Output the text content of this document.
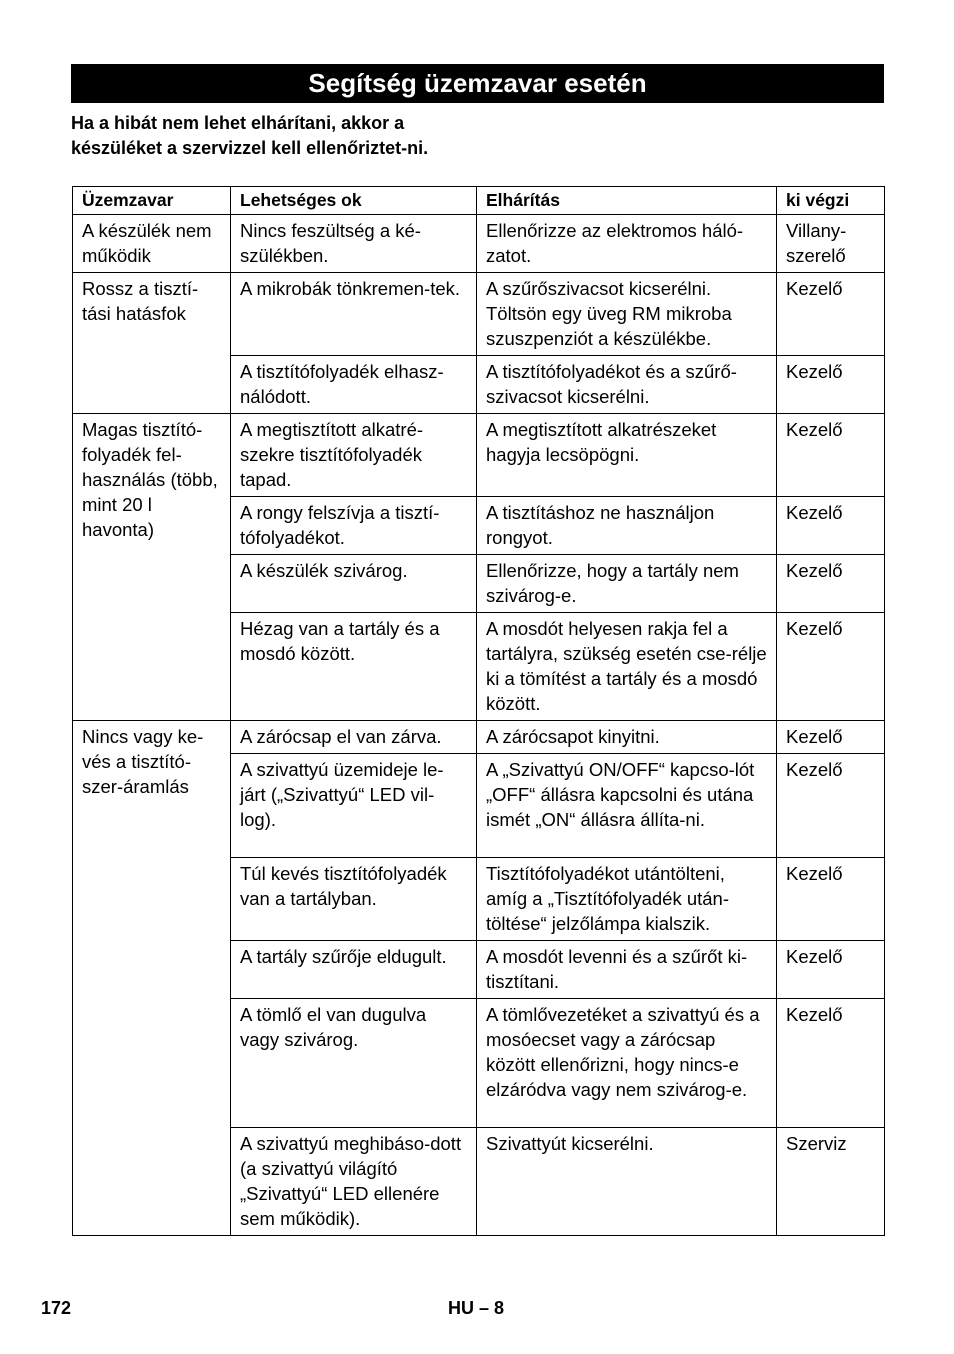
Segítség üzemzavar esetén
Ha a hibát nem lehet elhárítani, akkor a készüléket a szervizzel kell ellenőriztet-ni.
Üzemzavar	Lehetséges ok	Elhárítás	ki végzi
A készülék nem működik	Nincs feszültség a ké-szülékben.	Ellenőrizze az elektromos háló-zatot.	Villany-szerelő
Rossz a tisztí-tási hatásfok	A mikrobák tönkremen-tek.	A szűrőszivacsot kicserélni. Töltsön egy üveg RM mikroba szuszpenziót a készülékbe.	Kezelő
	A tisztítófolyadék elhasz-nálódott.	A tisztítófolyadékot és a szűrő-szivacsot kicserélni.	Kezelő
Magas tisztító-folyadék fel-használás (több, mint 20 l havonta)	A megtisztított alkatré-szekre tisztítófolyadék tapad.	A megtisztított alkatrészeket hagyja lecsöpögni.	Kezelő
	A rongy felszívja a tisztí-tófolyadékot.	A tisztításhoz ne használjon rongyot.	Kezelő
	A készülék szivárog.	Ellenőrizze, hogy a tartály nem szivárog-e.	Kezelő
	Hézag van a tartály és a mosdó között.	A mosdót helyesen rakja fel a tartályra, szükség esetén cse-rélje ki a tömítést a tartály és a mosdó között.	Kezelő
Nincs vagy ke-vés a tisztító-szer-áramlás	A zárócsap el van zárva.	A zárócsapot kinyitni.	Kezelő
	A szivattyú üzemideje le-járt („Szivattyú“ LED vil-log).	A „Szivattyú ON/OFF“ kapcso-lót „OFF“ állásra kapcsolni és utána ismét „ON“ állásra állíta-ni.	Kezelő
	Túl kevés tisztítófolyadék van a tartályban.	Tisztítófolyadékot utántölteni, amíg a „Tisztítófolyadék után-töltése“ jelzőlámpa kialszik.	Kezelő
	A tartály szűrője eldugult.	A mosdót levenni és a szűrőt ki-tisztítani.	Kezelő
	A tömlő el van dugulva vagy szivárog.	A tömlővezetéket a szivattyú és a mosóecset vagy a zárócsap között ellenőrizni, hogy nincs-e elzáródva vagy nem szivárog-e.	Kezelő
	A szivattyú meghibáso-dott (a szivattyú világító „Szivattyú“ LED ellenére sem működik).	Szivattyút kicserélni.	Szerviz
172	HU – 8
